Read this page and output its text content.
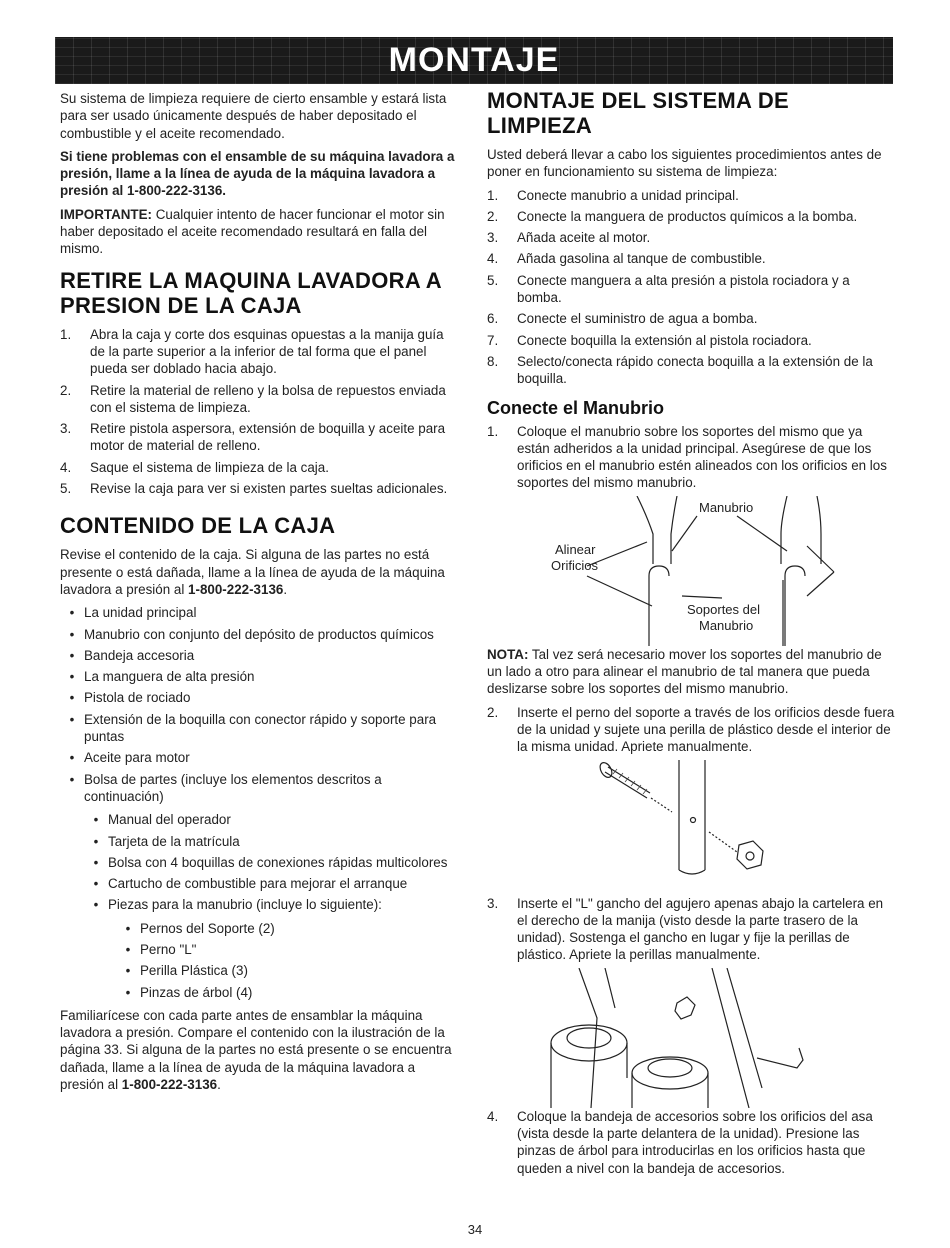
MONTAJE

Su sistema de limpieza requiere de cierto ensamble y estará lista para ser usado únicamente después de haber depositado el combustible y el aceite recomendado.

Si tiene problemas con el ensamble de su máquina lavadora a presión, llame a la línea de ayuda de la máquina lavadora a presión al 1-800-222-3136.

IMPORTANTE: Cualquier intento de hacer funcionar el motor sin haber depositado el aceite recomendado resultará en falla del mismo.

RETIRE LA MAQUINA LAVADORA A PRESION DE LA CAJA
1.	Abra la caja y corte dos esquinas opuestas a la manija guía de la parte superior a la inferior de tal forma que el panel pueda ser doblado hacia abajo.
2.	Retire la material de relleno y la bolsa de repuestos enviada con el sistema de limpieza.
3.	Retire pistola aspersora, extensión de boquilla y aceite para motor de material de relleno.
4.	Saque el sistema de limpieza de la caja.
5.	Revise la caja para ver si existen partes sueltas adicionales.
CONTENIDO DE LA CAJA

Revise el contenido de la caja. Si alguna de las partes no está presente o está dañada, llame a la línea de ayuda de la máquina lavadora a presión al 1-800-222-3136.

• La unidad principal
• Manubrio con conjunto del depósito de productos químicos
• Bandeja accesoria
• La manguera de alta presión
• Pistola de rociado
• Extensión de la boquilla con conector rápido y soporte para puntas
• Aceite para motor
• Bolsa de partes (incluye los elementos descritos a continuación)
• Manual del operador
• Tarjeta de la matrícula
• Bolsa con 4 boquillas de conexiones rápidas multicolores
• Cartucho de combustible para mejorar el arranque
• Piezas para la manubrio (incluye lo siguiente):
• Pernos del Soporte (2)
• Perno "L"
• Perilla Plástica (3)
• Pinzas de árbol (4)

Familiarícese con cada parte antes de ensamblar la máquina lavadora a presión. Compare el contenido con la ilustración de la página 33. Si alguna de la partes no está presente o se encuentra dañada, llame a la línea de ayuda de la máquina lavadora a presión al 1-800-222-3136.

MONTAJE DEL SISTEMA DE LIMPIEZA

Usted deberá llevar a cabo los siguientes procedimientos antes de poner en funcionamiento su sistema de limpieza:

1.	Conecte manubrio a unidad principal.
2.	Conecte la manguera de productos químicos a la bomba.
3.	Añada aceite al motor.
4.	Añada gasolina al tanque de combustible.
5.	Conecte manguera a alta presión a pistola rociadora y a bomba.
6.	Conecte el suministro de agua a bomba.
7.	Conecte boquilla la extensión al pistola rociadora.
8.	Selecto/conecta rápido conecta boquilla a la extensión de la boquilla.
Conecte el Manubrio
1.	Coloque el manubrio sobre los soportes del mismo que ya están adheridos a la unidad principal. Asegúrese de que los orificios en el manubrio estén alineados con los orificios en los soportes del mismo manubrio.
Manubrio
Alinear
Orificios
Soportes del
Manubrio

NOTA: Tal vez será necesario mover los soportes del manubrio de un lado a otro para alinear el manubrio de tal manera que pueda deslizarse sobre los soportes del mismo manubrio.

2.	Inserte el perno del soporte a través de los orificios desde fuera de la unidad y sujete una perilla de plástico desde el interior de la misma unidad. Apriete manualmente.
3.	Inserte el "L" gancho del agujero apenas abajo la cartelera en el derecho de la manija (visto desde la parte trasero de la unidad). Sostenga el gancho en lugar y fije la perillas de plástico. Apriete la perillas manualmente.
4.	Coloque la bandeja de accesorios sobre los orificios del asa (vista desde la parte delantera de la unidad). Presione las pinzas de árbol para introducirlas en los orificios hasta que queden a nivel con la bandeja de accesorios.
34
